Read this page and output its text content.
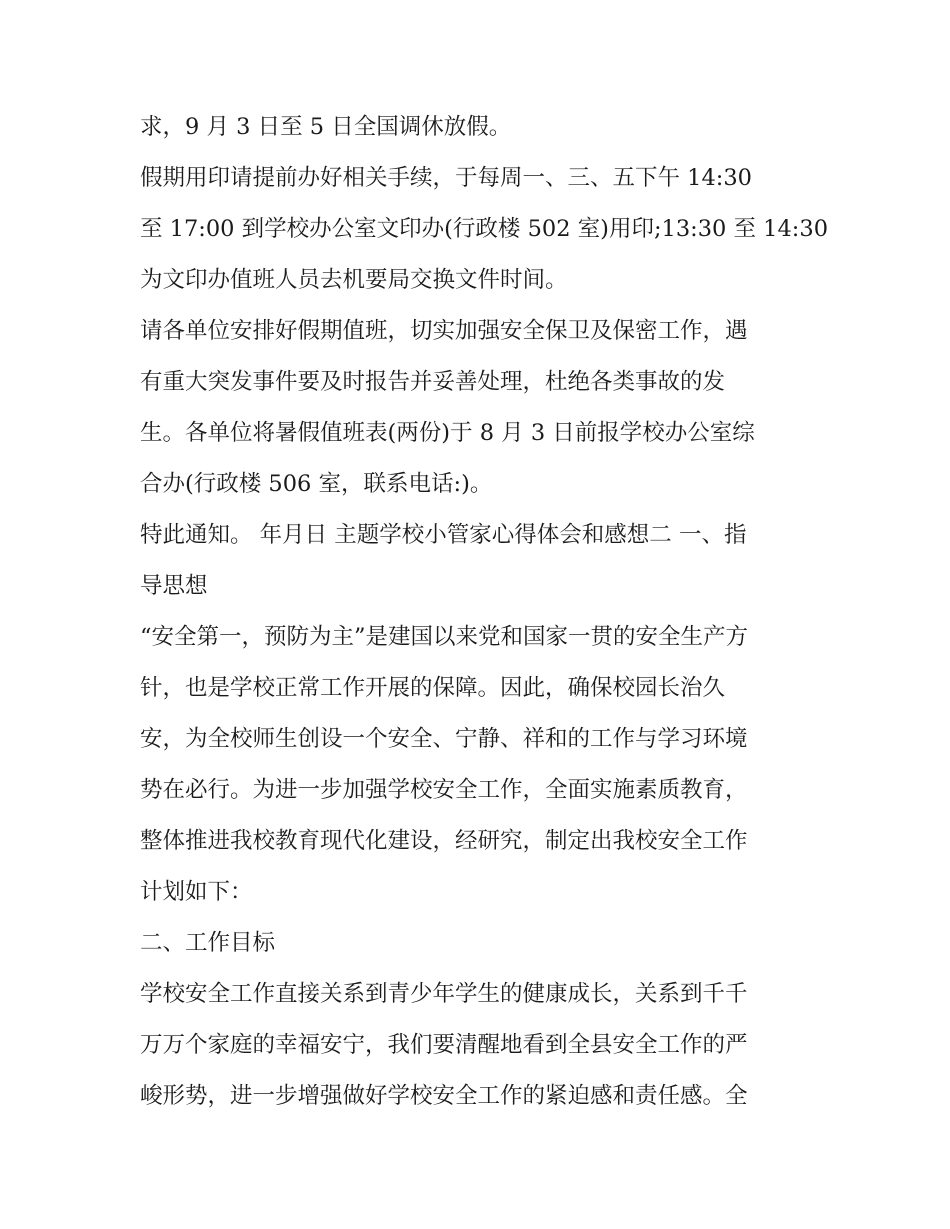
求，9 月 3 日至 5 日全国调休放假。
假期用印请提前办好相关手续，于每周一、三、五下午 14:30
至 17:00 到学校办公室文印办(行政楼 502 室)用印;13:30 至 14:30
为文印办值班人员去机要局交换文件时间。
请各单位安排好假期值班，切实加强安全保卫及保密工作，遇
有重大突发事件要及时报告并妥善处理，杜绝各类事故的发
生。各单位将暑假值班表(两份)于 8 月 3 日前报学校办公室综
合办(行政楼 506 室，联系电话:)。
特此通知。 年月日 主题学校小管家心得体会和感想二 一、指
导思想
“安全第一，预防为主”是建国以来党和国家一贯的安全生产方
针，也是学校正常工作开展的保障。因此，确保校园长治久
安，为全校师生创设一个安全、宁静、祥和的工作与学习环境
势在必行。为进一步加强学校安全工作，全面实施素质教育，
整体推进我校教育现代化建设，经研究，制定出我校安全工作
计划如下：
二、工作目标
学校安全工作直接关系到青少年学生的健康成长，关系到千千
万万个家庭的幸福安宁，我们要清醒地看到全县安全工作的严
峻形势，进一步增强做好学校安全工作的紧迫感和责任感。全
